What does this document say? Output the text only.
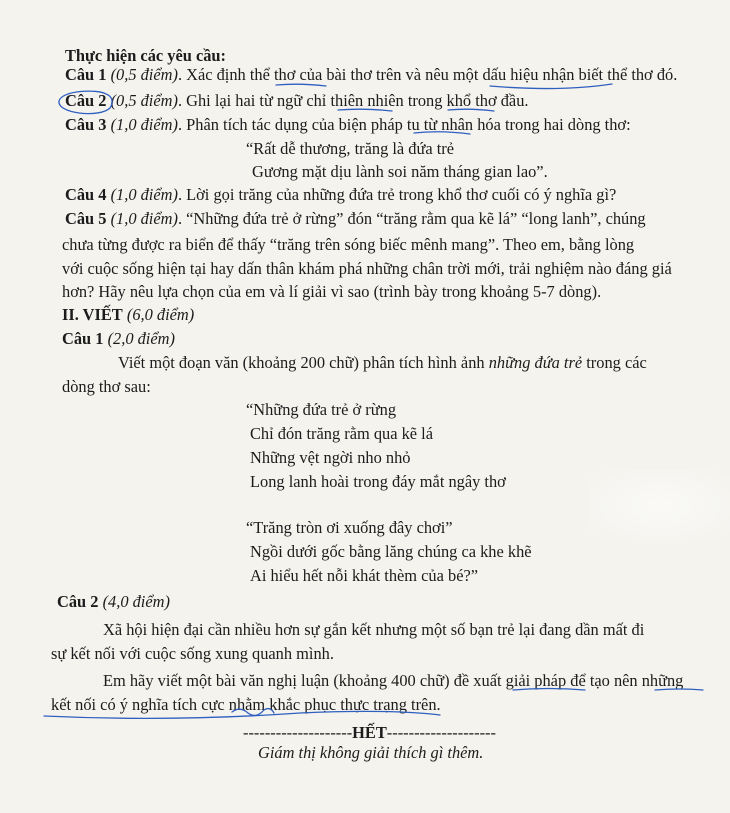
Thực hiện các yêu cầu:
Câu 1 (0,5 điểm). Xác định thể thơ của bài thơ trên và nêu một dấu hiệu nhận biết thể thơ đó.
Câu 2 (0,5 điểm). Ghi lại hai từ ngữ chỉ thiên nhiên trong khổ thơ đầu.
Câu 3 (1,0 điểm). Phân tích tác dụng của biện pháp tu từ nhân hóa trong hai dòng thơ:
“Rất dễ thương, trăng là đứa trẻ
Gương mặt dịu lành soi năm tháng gian lao”.
Câu 4 (1,0 điểm). Lời gọi trăng của những đứa trẻ trong khổ thơ cuối có ý nghĩa gì?
Câu 5 (1,0 điểm). “Những đứa trẻ ở rừng” đón “trăng rằm qua kẽ lá” “long lanh”, chúng
chưa từng được ra biển để thấy “trăng trên sóng biếc mênh mang”. Theo em, bằng lòng
với cuộc sống hiện tại hay dấn thân khám phá những chân trời mới, trải nghiệm nào đáng giá
hơn? Hãy nêu lựa chọn của em và lí giải vì sao (trình bày trong khoảng 5-7 dòng).
II. VIẾT (6,0 điểm)
Câu 1 (2,0 điểm)
Viết một đoạn văn (khoảng 200 chữ) phân tích hình ảnh những đứa trẻ trong các
dòng thơ sau:
“Những đứa trẻ ở rừng
Chỉ đón trăng rằm qua kẽ lá
Những vệt ngời nho nhỏ
Long lanh hoài trong đáy mắt ngây thơ
“Trăng tròn ơi xuống đây chơi”
Ngồi dưới gốc bằng lăng chúng ca khe khẽ
Ai hiểu hết nỗi khát thèm của bé?”
Câu 2 (4,0 điểm)
Xã hội hiện đại cần nhiều hơn sự gắn kết nhưng một số bạn trẻ lại đang dần mất đi
sự kết nối với cuộc sống xung quanh mình.
Em hãy viết một bài văn nghị luận (khoảng 400 chữ) đề xuất giải pháp để tạo nên những
kết nối có ý nghĩa tích cực nhằm khắc phục thực trạng trên.
--------------------HẾT--------------------
Giám thị không giải thích gì thêm.
